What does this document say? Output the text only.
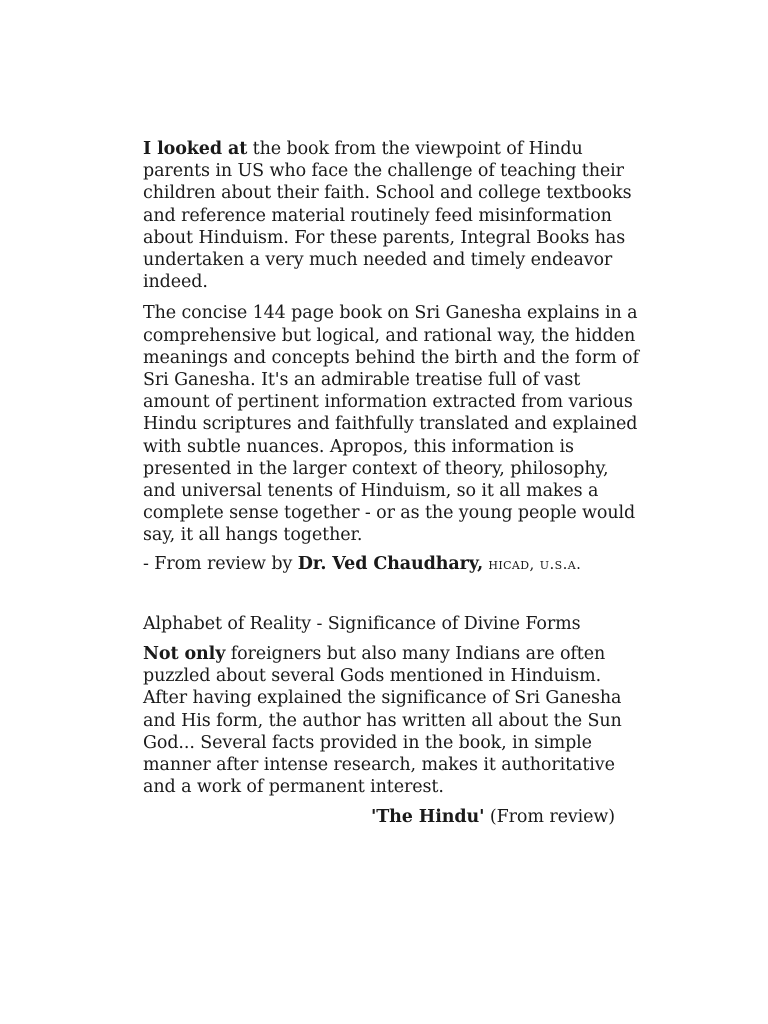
I looked at the book from the viewpoint of Hindu parents in US who face the challenge of teaching their children about their faith. School and college textbooks and reference material routinely feed misinformation about Hinduism. For these parents, Integral Books has undertaken a very much needed and timely endeavor indeed.

The concise 144 page book on Sri Ganesha explains in a comprehensive but logical, and rational way, the hidden meanings and concepts behind the birth and the form of Sri Ganesha. It's an admirable treatise full of vast amount of pertinent information extracted from various Hindu scriptures and faithfully translated and explained with subtle nuances. Apropos, this information is presented in the larger context of theory, philosophy, and universal tenents of Hinduism, so it all makes a complete sense together - or as the young people would say, it all hangs together.

- From review by Dr. Ved Chaudhary, hicad, u.s.a.

Alphabet of Reality - Significance of Divine Forms

Not only foreigners but also many Indians are often puzzled about several Gods mentioned in Hinduism. After having explained the significance of Sri Ganesha and His form, the author has written all about the Sun God... Several facts provided in the book, in simple manner after intense research, makes it authoritative and a work of permanent interest.

'The Hindu' (From review)
